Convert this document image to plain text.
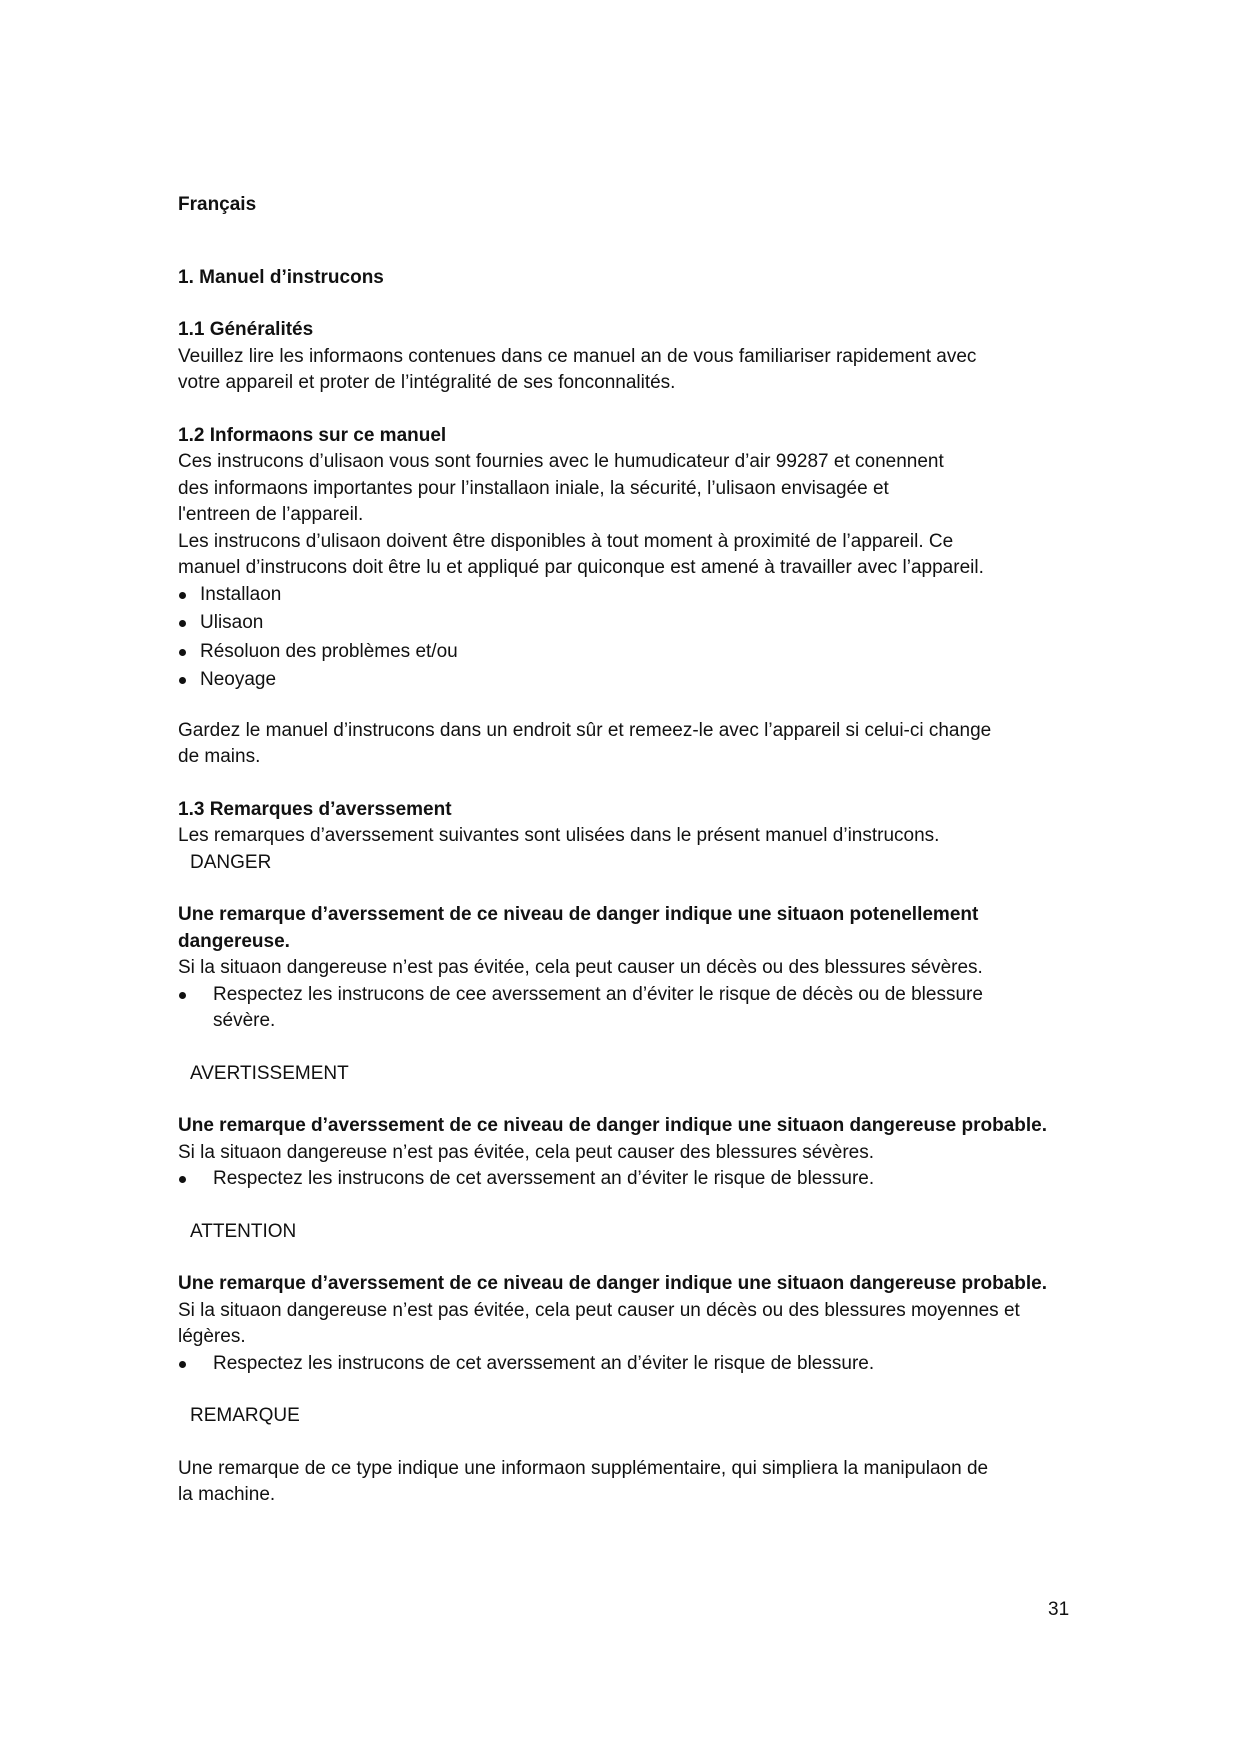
Français

1. Manuel d’instrucons

1.1 Généralités

Veuillez lire les informaons contenues dans ce manuel an de vous familiariser rapidement avec

votre appareil et proter de l’intégralité de ses fonconnalités.

1.2 Informaons sur ce manuel

Ces instrucons d’ulisaon vous sont fournies avec le humudicateur d’air 99287 et conennent

des informaons importantes pour l’installaon iniale, la sécurité, l’ulisaon envisagée et

l'entreen de l’appareil.

Les instrucons d’ulisaon doivent être disponibles à tout moment à proximité de l’appareil. Ce

manuel d’instrucons doit être lu et appliqué par quiconque est amené à travailler avec l’appareil.

Installaon
Ulisaon
Résoluon des problèmes et/ou
Neoyage

Gardez le manuel d’instrucons dans un endroit sûr et remeez-le avec l’appareil si celui-ci change

de mains.

1.3 Remarques d’averssement

Les remarques d’averssement suivantes sont ulisées dans le présent manuel d’instrucons.

DANGER

Une remarque d’averssement de ce niveau de danger indique une situaon potenellement

dangereuse.

Si la situaon dangereuse n’est pas évitée, cela peut causer un décès ou des blessures sévères.

Respectez les instrucons de cee averssement an d’éviter le risque de décès ou de blessure
sévère.

AVERTISSEMENT

Une remarque d’averssement de ce niveau de danger indique une situaon dangereuse probable.

Si la situaon dangereuse n’est pas évitée, cela peut causer des blessures sévères.

Respectez les instrucons de cet averssement an d’éviter le risque de blessure.

ATTENTION

Une remarque d’averssement de ce niveau de danger indique une situaon dangereuse probable.

Si la situaon dangereuse n’est pas évitée, cela peut causer un décès ou des blessures moyennes et

légères.

Respectez les instrucons de cet averssement an d’éviter le risque de blessure.

REMARQUE

Une remarque de ce type indique une informaon supplémentaire, qui simpliera la manipulaon de

la machine.

31
